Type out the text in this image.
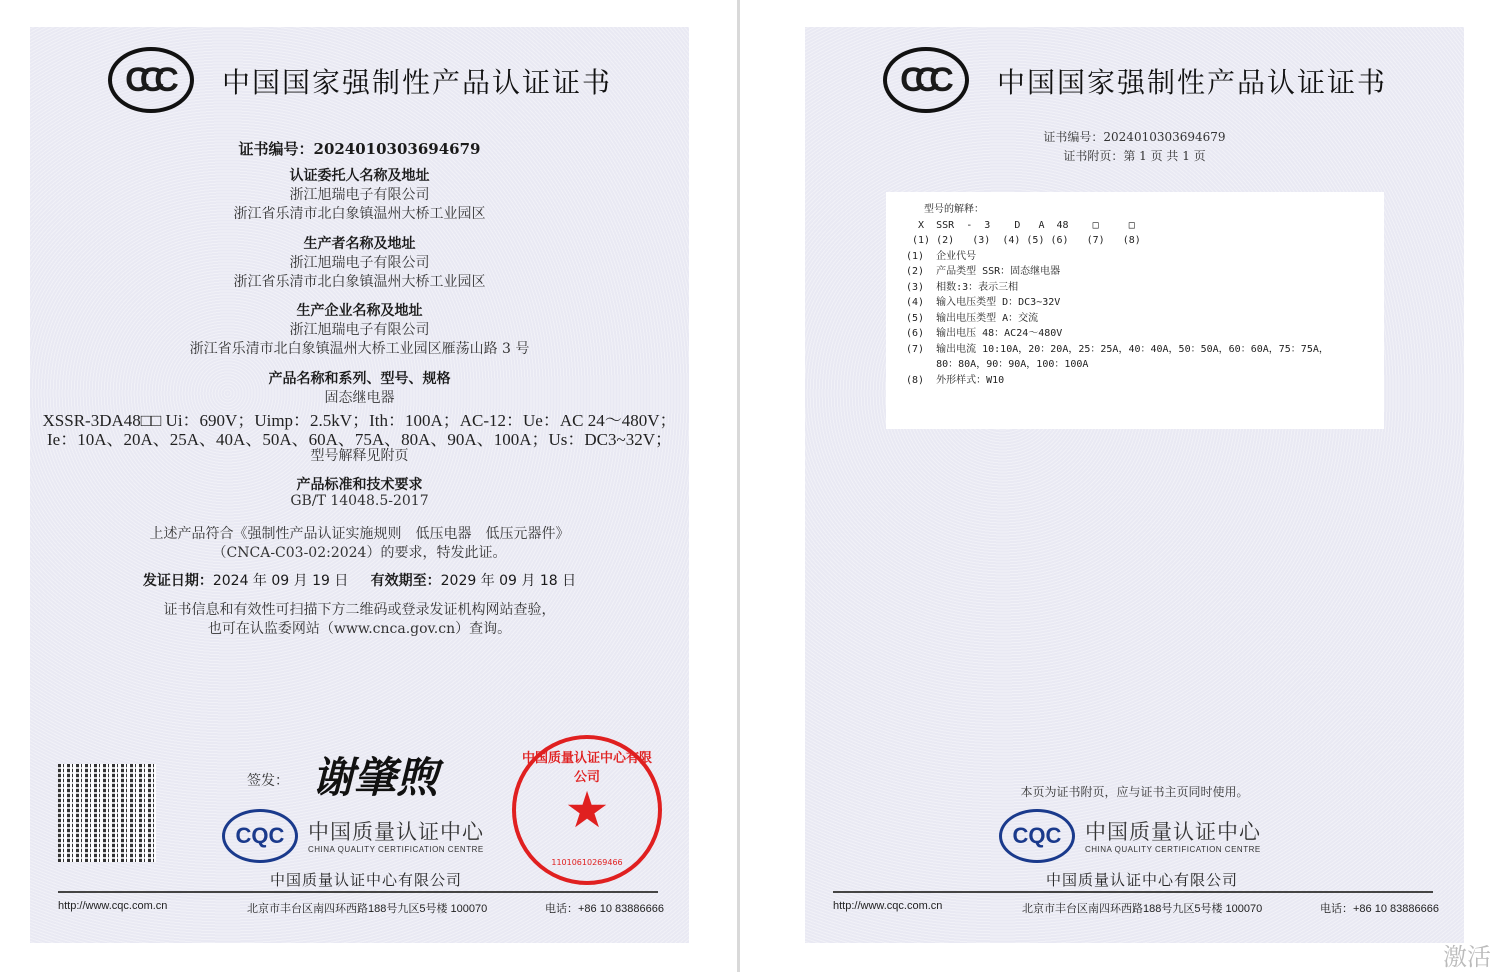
CCC	中国国家强制性产品认证证书
证书编号：2024010303694679
认证委托人名称及地址
浙江旭瑞电子有限公司
浙江省乐清市北白象镇温州大桥工业园区
生产者名称及地址
浙江旭瑞电子有限公司
浙江省乐清市北白象镇温州大桥工业园区
生产企业名称及地址
浙江旭瑞电子有限公司
浙江省乐清市北白象镇温州大桥工业园区雁荡山路 3 号
产品名称和系列、型号、规格
固态继电器
XSSR-3DA48□□ Ui：690V；Uimp：2.5kV；Ith：100A；AC-12：Ue：AC 24～480V；
Ie：10A、20A、25A、40A、50A、60A、75A、80A、90A、100A；Us：DC3~32V；
型号解释见附页
产品标准和技术要求
GB/T 14048.5-2017
上述产品符合《强制性产品认证实施规则　低压电器　低压元器件》
（CNCA-C03-02:2024）的要求，特发此证。
发证日期：2024 年 09 月 19 日 有效期至：2029 年 09 月 18 日
证书信息和有效性可扫描下方二维码或登录发证机构网站查验，
也可在认监委网站（www.cnca.gov.cn）查询。
签发： 谢肇煦
CQC	中国质量认证中心
CHINA QUALITY CERTIFICATION CENTRE
中国质量认证中心有限公司
中国质量认证中心有限公司
★
1101061026946​6
http://www.cqc.com.cn	北京市丰台区南四环西路188号九区5号楼 100070	电话：+86 10 83886666
CCC	中国国家强制性产品认证证书
证书编号：2024010303694679
证书附页：第 1 页 共 1 页
型号的解释：
X  SSR  -  3    D   A  48    □     □
(1) (2)   (3)  (4) (5) (6)   (7)   (8)
(1)  企业代号
(2)  产品类型 SSR：固态继电器
(3)  相数:3：表示三相
(4)  输入电压类型 D：DC3~32V
(5)  输出电压类型 A：交流
(6)  输出电压 48：AC24～480V
(7)  输出电流 10:10A，20：20A，25：25A，40：40A，50：50A，60：60A，75：75A，
80：80A，90：90A，100：100A
(8)  外形样式：W10
本页为证书附页，应与证书主页同时使用。
CQC	中国质量认证中心
CHINA QUALITY CERTIFICATION CENTRE
中国质量认证中心有限公司
http://www.cqc.com.cn	北京市丰台区南四环西路188号九区5号楼 100070	电话：+86 10 83886666
激活
